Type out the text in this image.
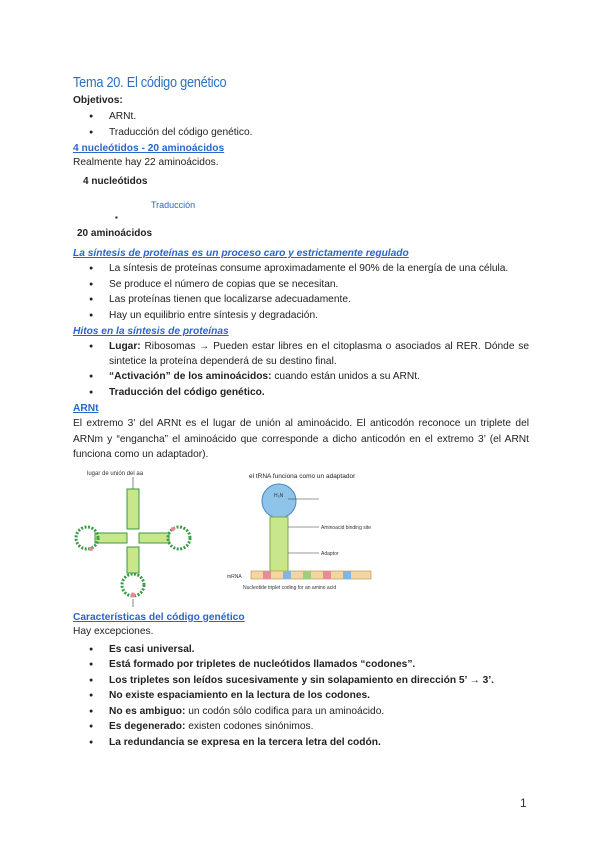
Tema 20. El código genético
Objetivos:
● ARNt.
● Traducción del código genético.
4 nucleótidos - 20 aminoácidos

Realmente hay 22 aminoácidos.

4 nucleótidos
Traducción
▪
20 aminoácidos
La síntesis de proteínas es un proceso caro y estrictamente regulado
● La síntesis de proteínas consume aproximadamente el 90% de la energía de una célula.
● Se produce el número de copias que se necesitan.
● Las proteínas tienen que localizarse adecuadamente.
● Hay un equilibrio entre síntesis y degradación.
Hitos en la síntesis de proteínas
● Lugar: Ribosomas → Pueden estar libres en el citoplasma o asociados al RER. Dónde se sintetice la proteína dependerá de su destino final.
● “Activación” de los aminoácidos: cuando están unidos a su ARNt.
● Traducción del código genético.
ARNt

El extremo 3’ del ARNt es el lugar de unión al aminoácido. El anticodón reconoce un triplete del ARNm y “engancha” el aminoácido que corresponde a dicho anticodón en el extremo 3’ (el ARNt funciona como un adaptador).

lugar de unión del aa	el tRNA funciona como un adaptador
H₃N
Aminoacid binding site
Adaptor
mRNA
Nucleotide triplet coding for an amino acid
Características del código genético

Hay excepciones.

● Es casi universal.
● Está formado por tripletes de nucleótidos llamados “codones”.
● Los tripletes son leídos sucesivamente y sin solapamiento en dirección 5’ → 3’.
● No existe espaciamiento en la lectura de los codones.
● No es ambiguo: un codón sólo codifica para un aminoácido.
● Es degenerado: existen codones sinónimos.
● La redundancia se expresa en la tercera letra del codón.
1
